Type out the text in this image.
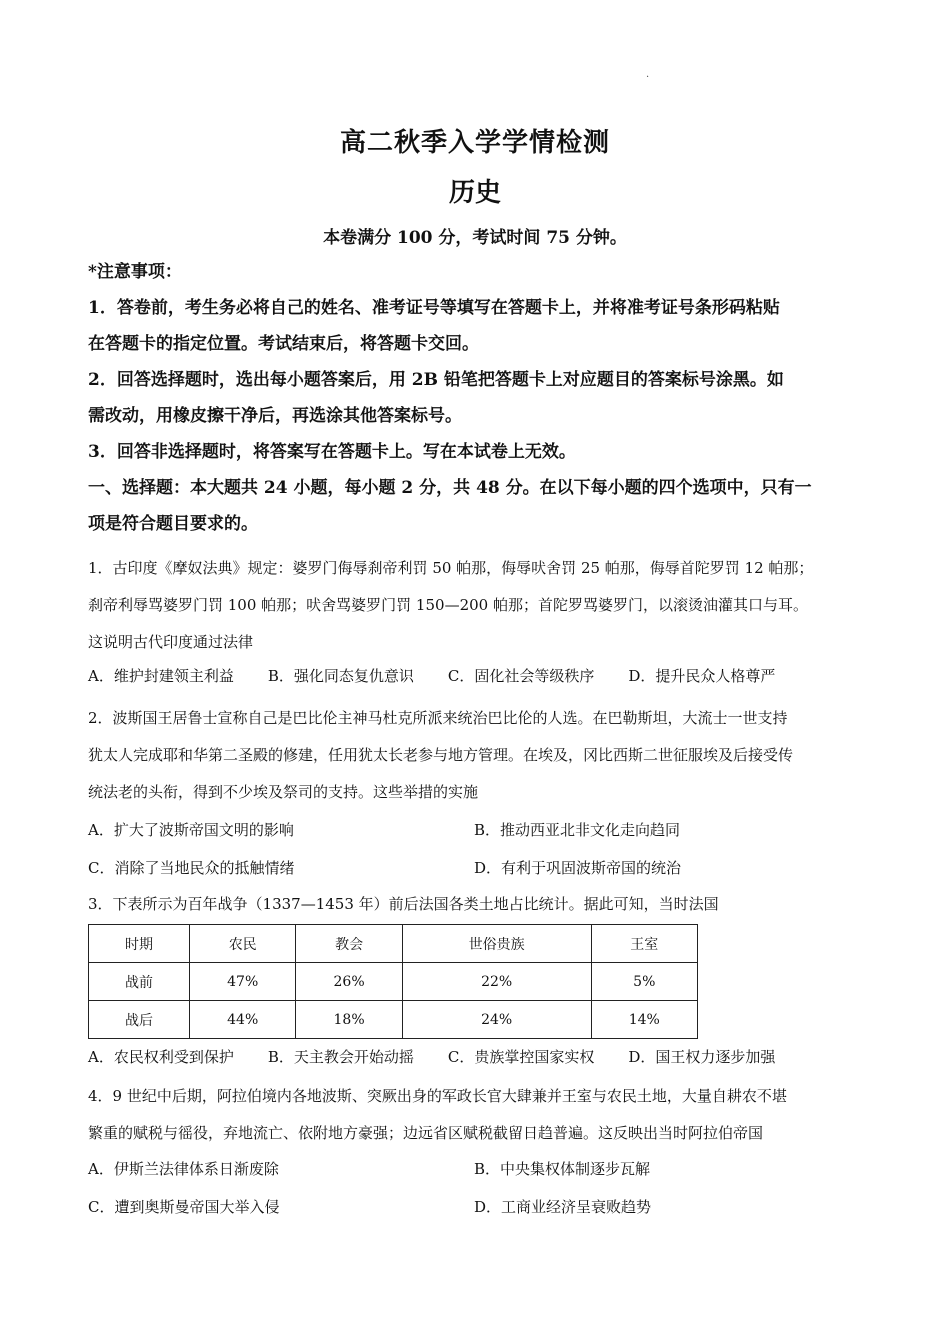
·
高二秋季入学学情检测
历史
本卷满分 100 分，考试时间 75 分钟。
*注意事项：
1．答卷前，考生务必将自己的姓名、准考证号等填写在答题卡上，并将准考证号条形码粘贴
在答题卡的指定位置。考试结束后，将答题卡交回。
2．回答选择题时，选出每小题答案后，用 2B 铅笔把答题卡上对应题目的答案标号涂黑。如
需改动，用橡皮擦干净后，再选涂其他答案标号。
3．回答非选择题时，将答案写在答题卡上。写在本试卷上无效。
一、选择题：本大题共 24 小题，每小题 2 分，共 48 分。在以下每小题的四个选项中，只有一
项是符合题目要求的。
1．古印度《摩奴法典》规定：婆罗门侮辱刹帝利罚 50 帕那，侮辱吠舍罚 25 帕那，侮辱首陀罗罚 12 帕那；
刹帝利辱骂婆罗门罚 100 帕那；吠舍骂婆罗门罚 150—200 帕那；首陀罗骂婆罗门，以滚烫油灌其口与耳。
这说明古代印度通过法律
A．维护封建领主利益 B．强化同态复仇意识 C．固化社会等级秩序 D．提升民众人格尊严
2．波斯国王居鲁士宣称自己是巴比伦主神马杜克所派来统治巴比伦的人选。在巴勒斯坦，大流士一世支持
犹太人完成耶和华第二圣殿的修建，任用犹太长老参与地方管理。在埃及，冈比西斯二世征服埃及后接受传
统法老的头衔，得到不少埃及祭司的支持。这些举措的实施
A．扩大了波斯帝国文明的影响	B．推动西亚北非文化走向趋同
C．消除了当地民众的抵触情绪	D．有利于巩固波斯帝国的统治
3．下表所示为百年战争（1337—1453 年）前后法国各类土地占比统计。据此可知，当时法国
时期	农民	教会	世俗贵族	王室
战前	47%	26%	22%	5%
战后	44%	18%	24%	14%
A．农民权利受到保护 B．天主教会开始动摇 C．贵族掌控国家实权 D．国王权力逐步加强
4．9 世纪中后期，阿拉伯境内各地波斯、突厥出身的军政长官大肆兼并王室与农民土地，大量自耕农不堪
繁重的赋税与徭役，弃地流亡、依附地方豪强；边远省区赋税截留日趋普遍。这反映出当时阿拉伯帝国
A．伊斯兰法律体系日渐废除	B．中央集权体制逐步瓦解
C．遭到奥斯曼帝国大举入侵	D．工商业经济呈衰败趋势
